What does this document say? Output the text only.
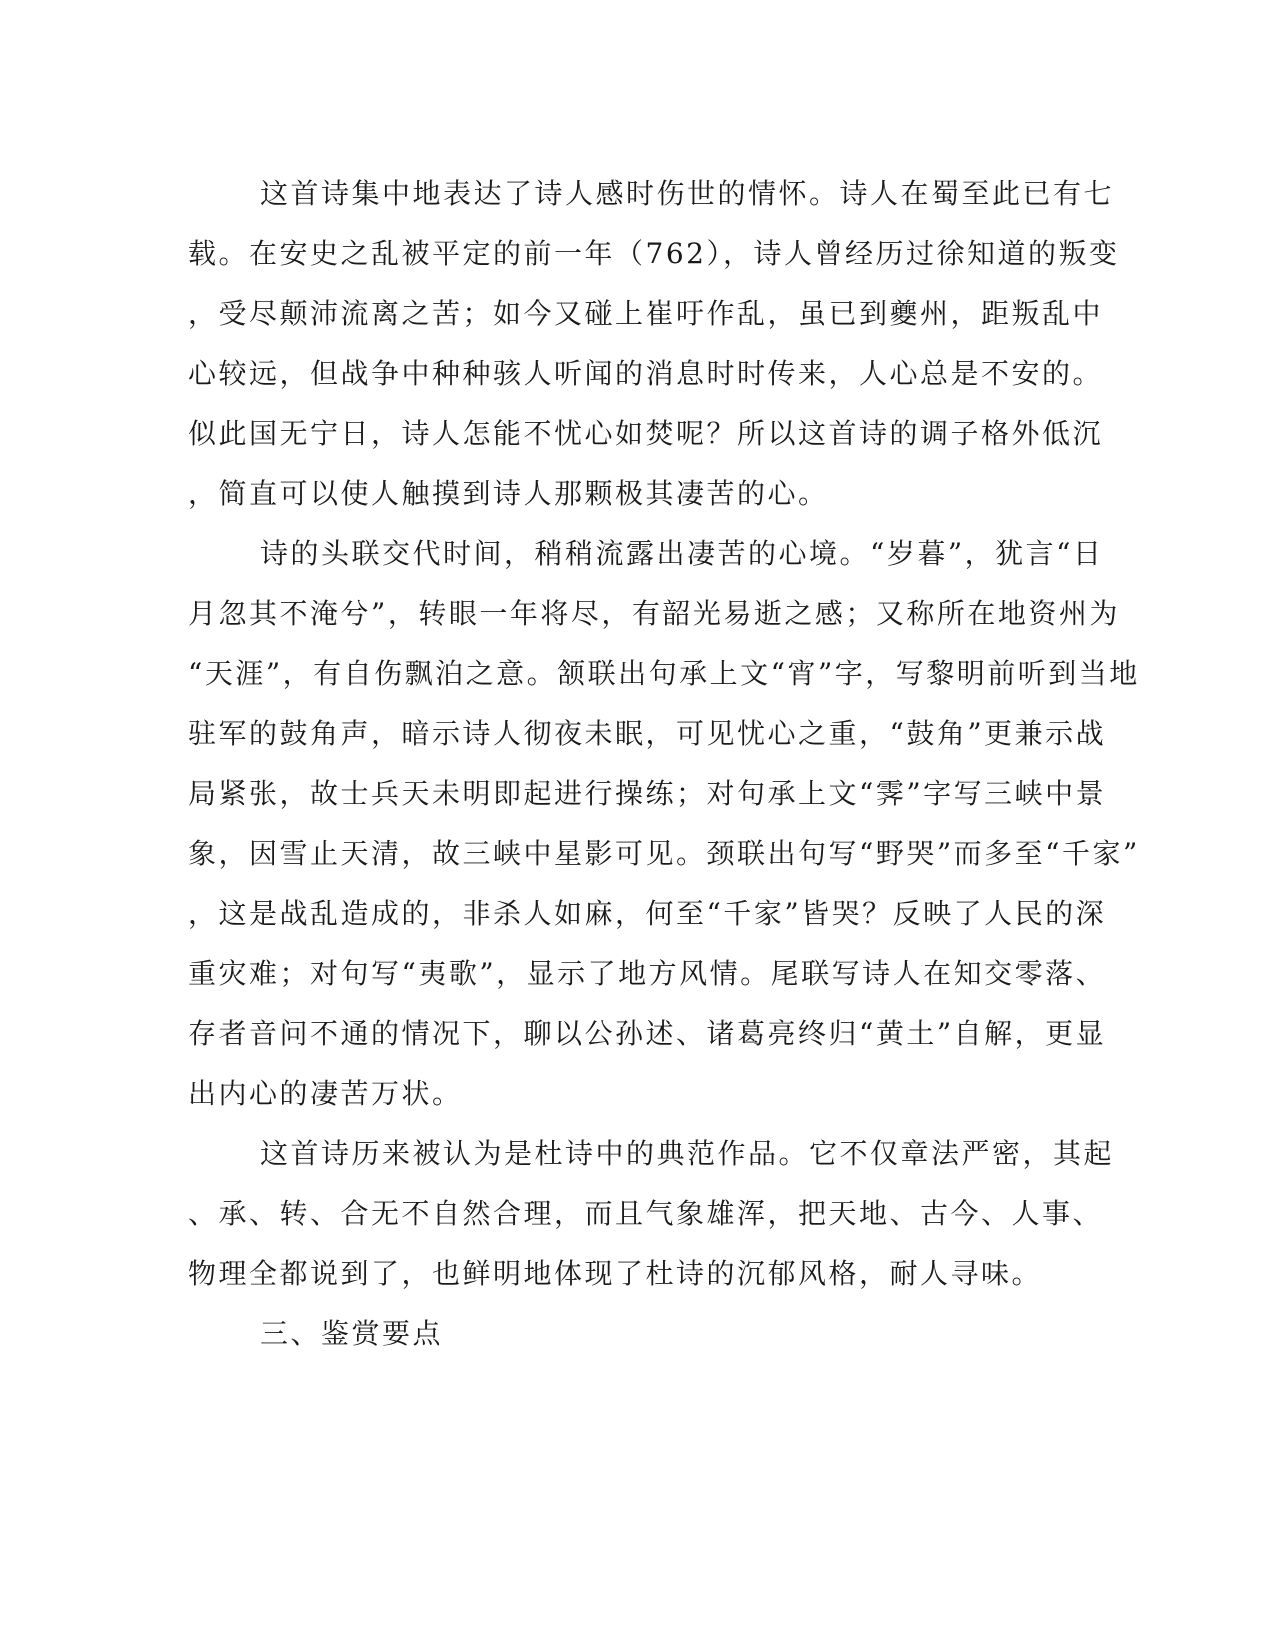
这首诗集中地表达了诗人感时伤世的情怀。诗人在蜀至此已有七
载。在安史之乱被平定的前一年（762），诗人曾经历过徐知道的叛变
，受尽颠沛流离之苦；如今又碰上崔吁作乱，虽已到夔州，距叛乱中
心较远，但战争中种种骇人听闻的消息时时传来，人心总是不安的。
似此国无宁日，诗人怎能不忧心如焚呢？所以这首诗的调子格外低沉
，简直可以使人触摸到诗人那颗极其凄苦的心。
诗的头联交代时间，稍稍流露出凄苦的心境。“岁暮”，犹言“日
月忽其不淹兮”，转眼一年将尽，有韶光易逝之感；又称所在地资州为
“天涯”，有自伤飘泊之意。颔联出句承上文“宵”字，写黎明前听到当地
驻军的鼓角声，暗示诗人彻夜未眠，可见忧心之重，“鼓角”更兼示战
局紧张，故士兵天未明即起进行操练；对句承上文“霁”字写三峡中景
象，因雪止天清，故三峡中星影可见。颈联出句写“野哭”而多至“千家”
，这是战乱造成的，非杀人如麻，何至“千家”皆哭？反映了人民的深
重灾难；对句写“夷歌”，显示了地方风情。尾联写诗人在知交零落、
存者音问不通的情况下，聊以公孙述、诸葛亮终归“黄土”自解，更显
出内心的凄苦万状。
这首诗历来被认为是杜诗中的典范作品。它不仅章法严密，其起
、承、转、合无不自然合理，而且气象雄浑，把天地、古今、人事、
物理全都说到了，也鲜明地体现了杜诗的沉郁风格，耐人寻味。
三、鉴赏要点
